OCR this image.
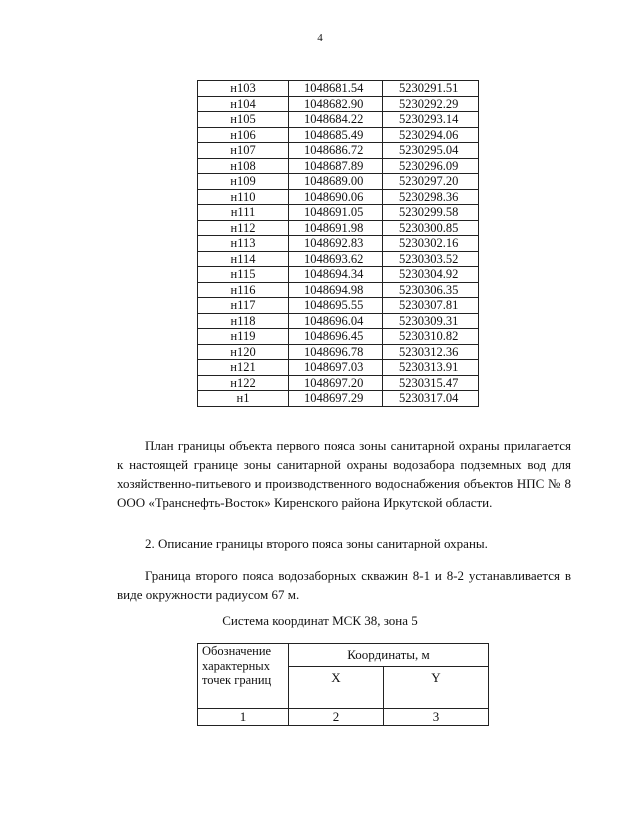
4
н103	1048681.54	5230291.51
н104	1048682.90	5230292.29
н105	1048684.22	5230293.14
н106	1048685.49	5230294.06
н107	1048686.72	5230295.04
н108	1048687.89	5230296.09
н109	1048689.00	5230297.20
н110	1048690.06	5230298.36
н111	1048691.05	5230299.58
н112	1048691.98	5230300.85
н113	1048692.83	5230302.16
н114	1048693.62	5230303.52
н115	1048694.34	5230304.92
н116	1048694.98	5230306.35
н117	1048695.55	5230307.81
н118	1048696.04	5230309.31
н119	1048696.45	5230310.82
н120	1048696.78	5230312.36
н121	1048697.03	5230313.91
н122	1048697.20	5230315.47
н1	1048697.29	5230317.04
План границы объекта первого пояса зоны санитарной охраны прилагается к настоящей границе зоны санитарной охраны водозабора подземных вод для хозяйственно-питьевого и производственного водоснабжения объектов НПС № 8 ООО «Транснефть-Восток» Киренского района Иркутской области.
2. Описание границы второго пояса зоны санитарной охраны.
Граница второго пояса водозаборных скважин 8-1 и 8-2 устанавливается в виде окружности радиусом 67 м.
Система координат МСК 38, зона 5
Обозначение характерных точек границ	Координаты, м	
	X	Y
1	2	3
